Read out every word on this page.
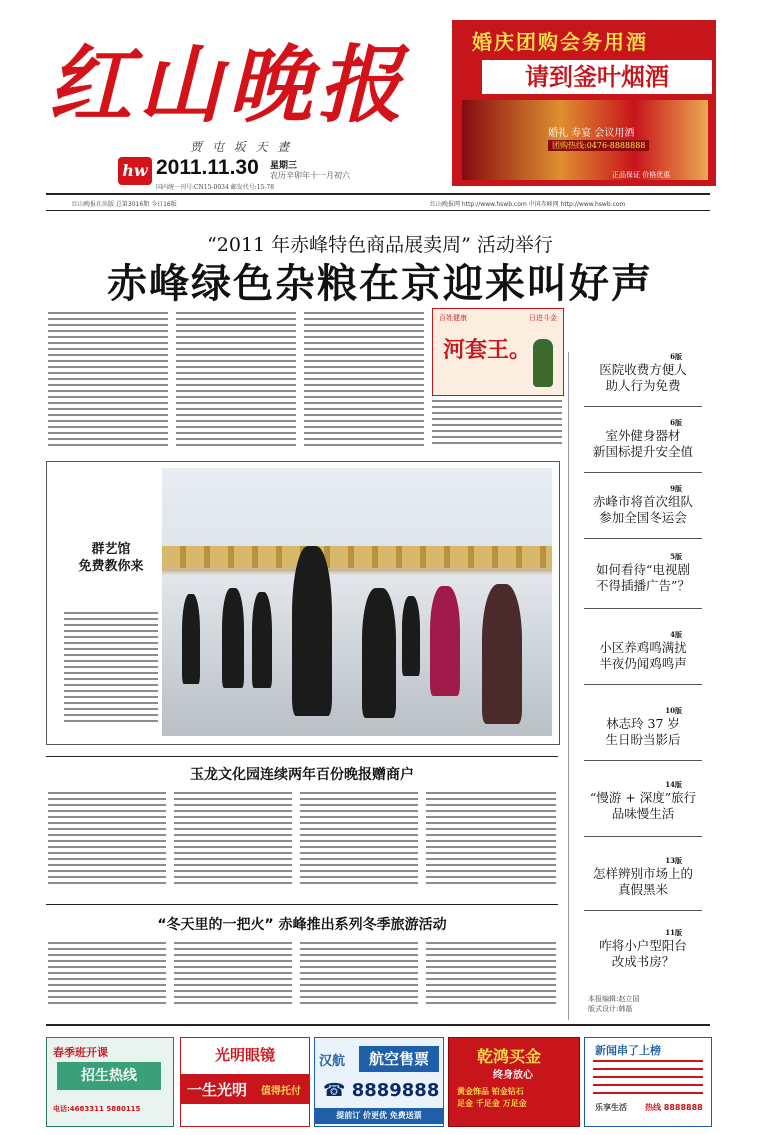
红山晚报
贾 屯 坂 天 晝
hw 2011.11.30 星期三
农历辛卯年十一月初六
国内统一刊号:CN15-0034 邮发代号:15-78
婚庆团购会务用酒
请到釜叶烟酒
婚礼 寿宴 会议用酒
团购热线:0476-8888888
正品保证 价格优惠
红山晚报社出版 总第3016期 今日16版	红山晚报网 http://www.hswb.com 中国赤峰网 http://www.hswb.com
“2011 年赤峰特色商品展卖周” 活动举行
赤峰绿色杂粮在京迎来叫好声
百姓健康	日进斗金
河套王。
群艺馆
免费教你来
6版
医院收费方便人
助人行为免费
6版
室外健身器材
新国标提升安全值
9版
赤峰市将首次组队
参加全国冬运会
5版
如何看待“电视剧
不得插播广告”？
4版
小区养鸡鸣满扰
半夜仍闻鸡鸣声
10版
林志玲 37 岁
生日盼当影后
14版
“慢游 + 深度”旅行
品味慢生活
13版
怎样辨别市场上的
真假黑米
11版
咋将小户型阳台
改成书房？
本报编辑:赵立国
版式设计:韩磊
玉龙文化园连续两年百份晚报赠商户
“冬天里的一把火” 赤峰推出系列冬季旅游活动
春季班开课
招生热线
电话:4683311 5880115
光明眼镜
一生光明 值得托付
汉航	航空售票
☎ 8889888
提前订 价更优 免费送票
乾鸿买金
终身放心
黄金饰品 铂金钻石
足金 千足金 万足金
新闻串了上榜
乐享生活 热线 8888888
